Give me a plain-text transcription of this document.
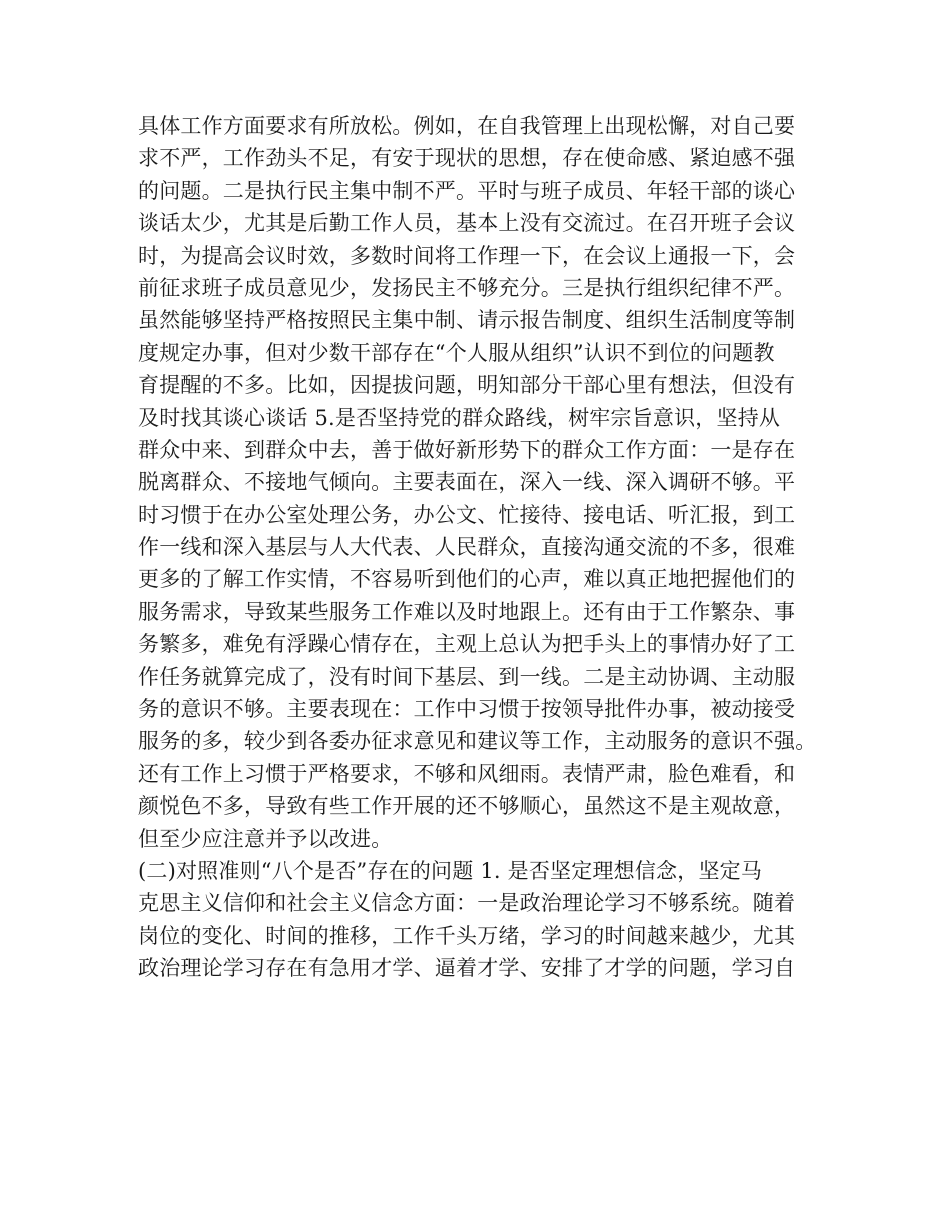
具体工作方面要求有所放松。例如，在自我管理上出现松懈，对自己要
求不严，工作劲头不足，有安于现状的思想，存在使命感、紧迫感不强
的问题。二是执行民主集中制不严。平时与班子成员、年轻干部的谈心
谈话太少，尤其是后勤工作人员，基本上没有交流过。在召开班子会议
时，为提高会议时效，多数时间将工作理一下，在会议上通报一下，会
前征求班子成员意见少，发扬民主不够充分。三是执行组织纪律不严。
虽然能够坚持严格按照民主集中制、请示报告制度、组织生活制度等制
度规定办事，但对少数干部存在“个人服从组织”认识不到位的问题教
育提醒的不多。比如，因提拔问题，明知部分干部心里有想法，但没有
及时找其谈心谈话 5.是否坚持党的群众路线，树牢宗旨意识，坚持从
群众中来、到群众中去，善于做好新形势下的群众工作方面：一是存在
脱离群众、不接地气倾向。主要表面在，深入一线、深入调研不够。平
时习惯于在办公室处理公务，办公文、忙接待、接电话、听汇报，到工
作一线和深入基层与人大代表、人民群众，直接沟通交流的不多，很难
更多的了解工作实情，不容易听到他们的心声，难以真正地把握他们的
服务需求，导致某些服务工作难以及时地跟上。还有由于工作繁杂、事
务繁多，难免有浮躁心情存在，主观上总认为把手头上的事情办好了工
作任务就算完成了，没有时间下基层、到一线。二是主动协调、主动服
务的意识不够。主要表现在：工作中习惯于按领导批件办事，被动接受
服务的多，较少到各委办征求意见和建议等工作，主动服务的意识不强。
还有工作上习惯于严格要求，不够和风细雨。表情严肃，脸色难看，和
颜悦色不多，导致有些工作开展的还不够顺心，虽然这不是主观故意，
但至少应注意并予以改进。
(二)对照准则“八个是否”存在的问题 1. 是否坚定理想信念，坚定马
克思主义信仰和社会主义信念方面：一是政治理论学习不够系统。随着
岗位的变化、时间的推移，工作千头万绪，学习的时间越来越少，尤其
政治理论学习存在有急用才学、逼着才学、安排了才学的问题，学习自
